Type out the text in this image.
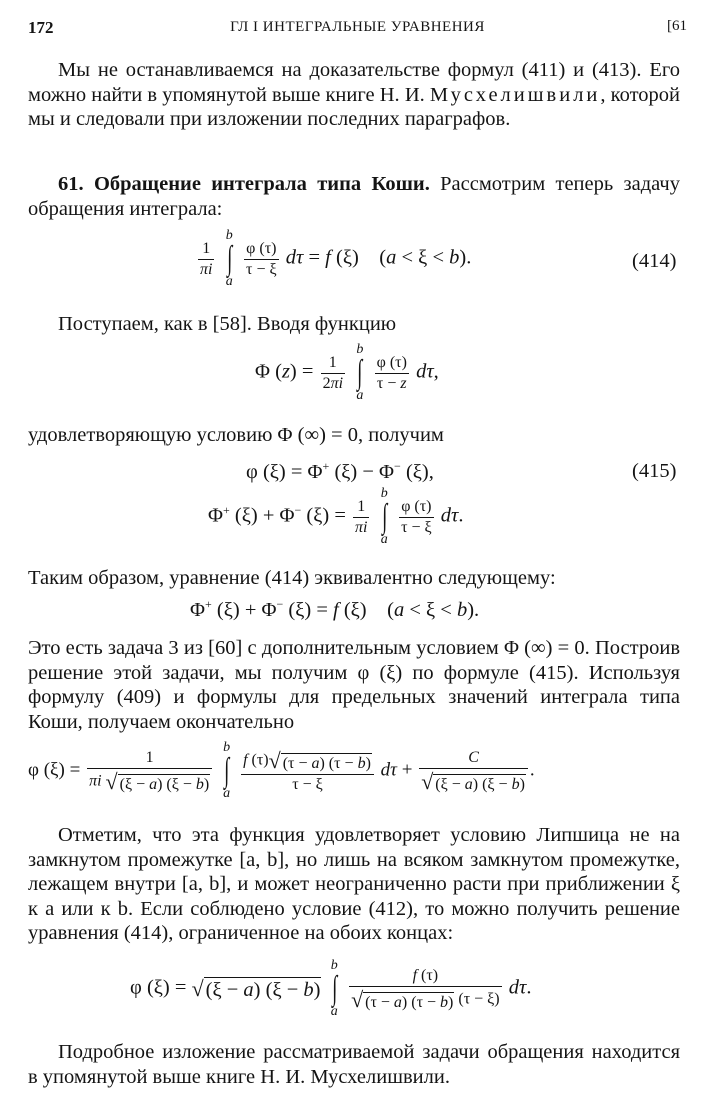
172	ГЛ I ИНТЕГРАЛЬНЫЕ УРАВНЕНИЯ	[61

Мы не останавливаемся на доказательстве формул (411) и (413). Его можно найти в упомянутой выше книге Н. И. Мусхелишвили, которой мы и следовали при изложении последних параграфов.

61. Обращение интеграла типа Коши. Рассмотрим теперь задачу обращения интеграла:

$\frac{1}{\pi i}$

b
∫
a

$\frac{\varphi (\tau)}{\tau - \xi}$ dτ = f (ξ)    (a < ξ < b).	(414)

Поступаем, как в [58]. Вводя функцию

Φ $(z) = \frac{1}{2\pi i}$

b
∫
a

$\frac{\varphi (\tau)}{\tau - z} d\tau$,

удовлетворяющую условию Φ (∞) = 0, получим

φ (ξ) = Φ+ (ξ) − Φ− (ξ),	(415)
Φ+ (ξ) + Φ− $(\xi) = \frac{1}{\pi i}$

b
∫
a

$\frac{\varphi (\tau)}{\tau - \xi} d\tau$.

Таким образом, уравнение (414) эквивалентно следующему:

Φ+ (ξ) + Φ− (ξ) = f (ξ)    (a < ξ < b).

Это есть задача 3 из [60] с дополнительным условием Φ (∞) = 0. Построив решение этой задачи, мы получим φ (ξ) по формуле (415). Используя формулу (409) и формулы для предельных значений интеграла типа Коши, получаем окончательно

φ $(\xi) = \frac{1}{\pi i √ (\xi - a) (\xi - b)}$

b
∫
a

$\frac{f (\tau)√ (\tau - a) (\tau - b)}{\tau - \xi}$ $d\tau + \frac{C}{√ (\xi - a) (\xi - b)}$ .

Отметим, что эта функция удовлетворяет условию Липшица не на замкнутом промежутке [a, b], но лишь на всяком замкнутом промежутке, лежащем внутри [a, b], и может неограниченно расти при приближении ξ к a или к b. Если соблюдено условие (412), то можно получить решение уравнения (414), ограниченное на обоих концах:

φ (ξ) = √(ξ − a) (ξ − b)
b
∫
a

$\frac{f (\tau)}{√ (\tau - a) (\tau - b) (\tau - \xi)} d\tau$.

Подробное изложение рассматриваемой задачи обращения находится в упомянутой выше книге Н. И. Мусхелишвили.
